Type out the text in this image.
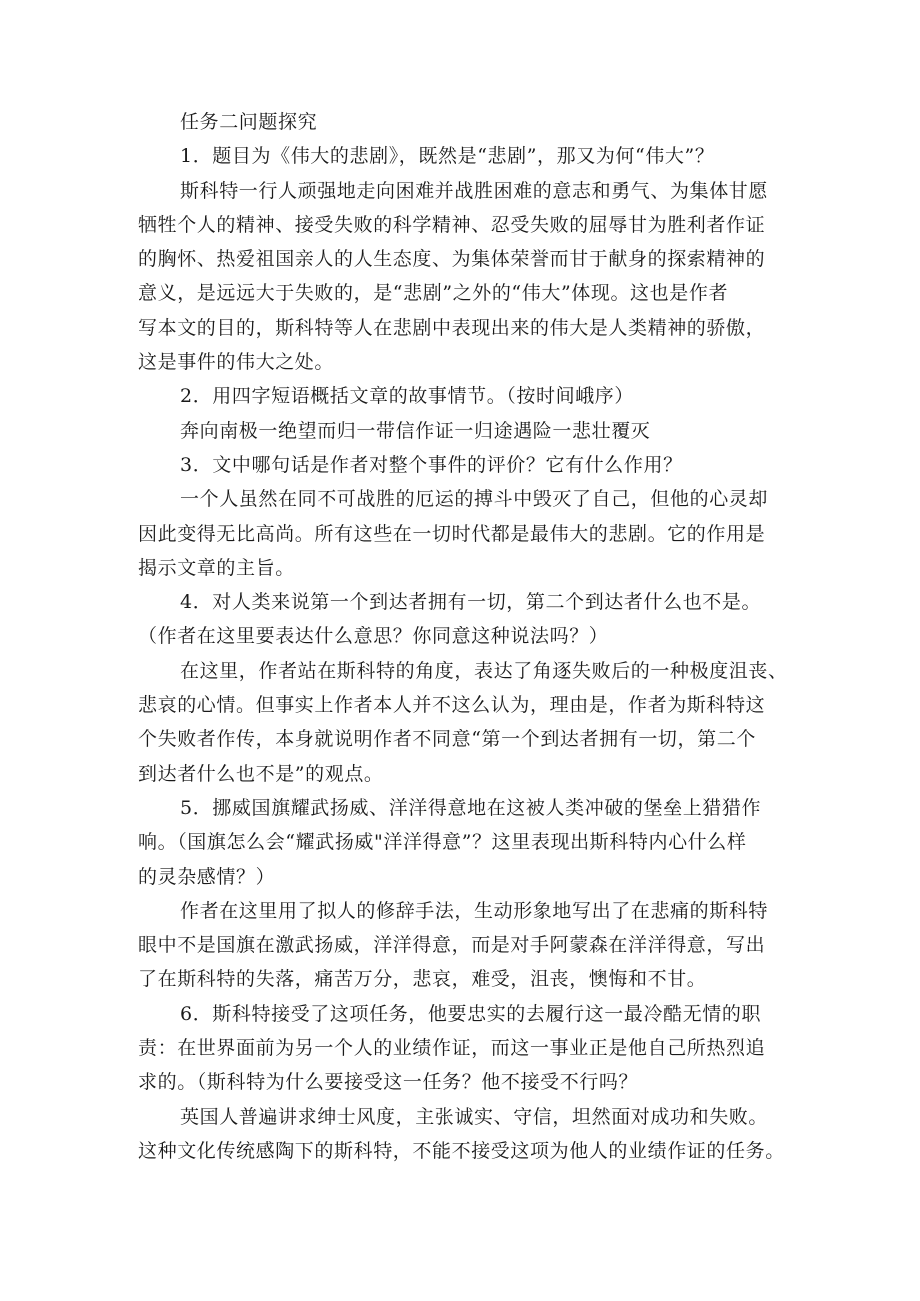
任务二问题探究

1．题目为《伟大的悲剧》，既然是“悲剧”，那又为何“伟大”？

斯科特一行人顽强地走向困难并战胜困难的意志和勇气、为集体甘愿
牺牲个人的精神、接受失败的科学精神、忍受失败的屈辱甘为胜利者作证
的胸怀、热爱祖国亲人的人生态度、为集体荣誉而甘于献身的探索精神的
意义，是远远大于失败的，是“悲剧”之外的“伟大”体现。这也是作者
写本文的目的，斯科特等人在悲剧中表现出来的伟大是人类精神的骄傲，
这是事件的伟大之处。

2．用四字短语概括文章的故事情节。（按时间峨序）

奔向南极一绝望而归一带信作证一归途遇险一悲壮覆灭

3．文中哪句话是作者对整个事件的评价？它有什么作用？

一个人虽然在同不可战胜的厄运的搏斗中毁灭了自己，但他的心灵却
因此变得无比高尚。所有这些在一切时代都是最伟大的悲剧。它的作用是
揭示文章的主旨。

4．对人类来说第一个到达者拥有一切，第二个到达者什么也不是。
（作者在这里要表达什么意思？你同意这种说法吗？）

在这里，作者站在斯科特的角度，表达了角逐失败后的一种极度沮丧、
悲哀的心情。但事实上作者本人并不这么认为，理由是，作者为斯科特这
个失败者作传，本身就说明作者不同意“第一个到达者拥有一切，第二个
到达者什么也不是”的观点。

5．挪威国旗耀武扬威、洋洋得意地在这被人类冲破的堡垒上猎猎作
响。（国旗怎么会“耀武扬威"洋洋得意”？这里表现出斯科特内心什么样
的灵杂感情？）

作者在这里用了拟人的修辞手法，生动形象地写出了在悲痛的斯科特
眼中不是国旗在激武扬威，洋洋得意，而是对手阿蒙森在洋洋得意，写出
了在斯科特的失落，痛苦万分，悲哀，难受，沮丧，懊悔和不甘。

6．斯科特接受了这项任务，他要忠实的去履行这一最冷酷无情的职
责：在世界面前为另一个人的业绩作证，而这一事业正是他自己所热烈追
求的。（斯科特为什么要接受这一任务？他不接受不行吗？

英国人普遍讲求绅士风度，主张诚实、守信，坦然面对成功和失败。
这种文化传统感陶下的斯科特，不能不接受这项为他人的业绩作证的任务。
